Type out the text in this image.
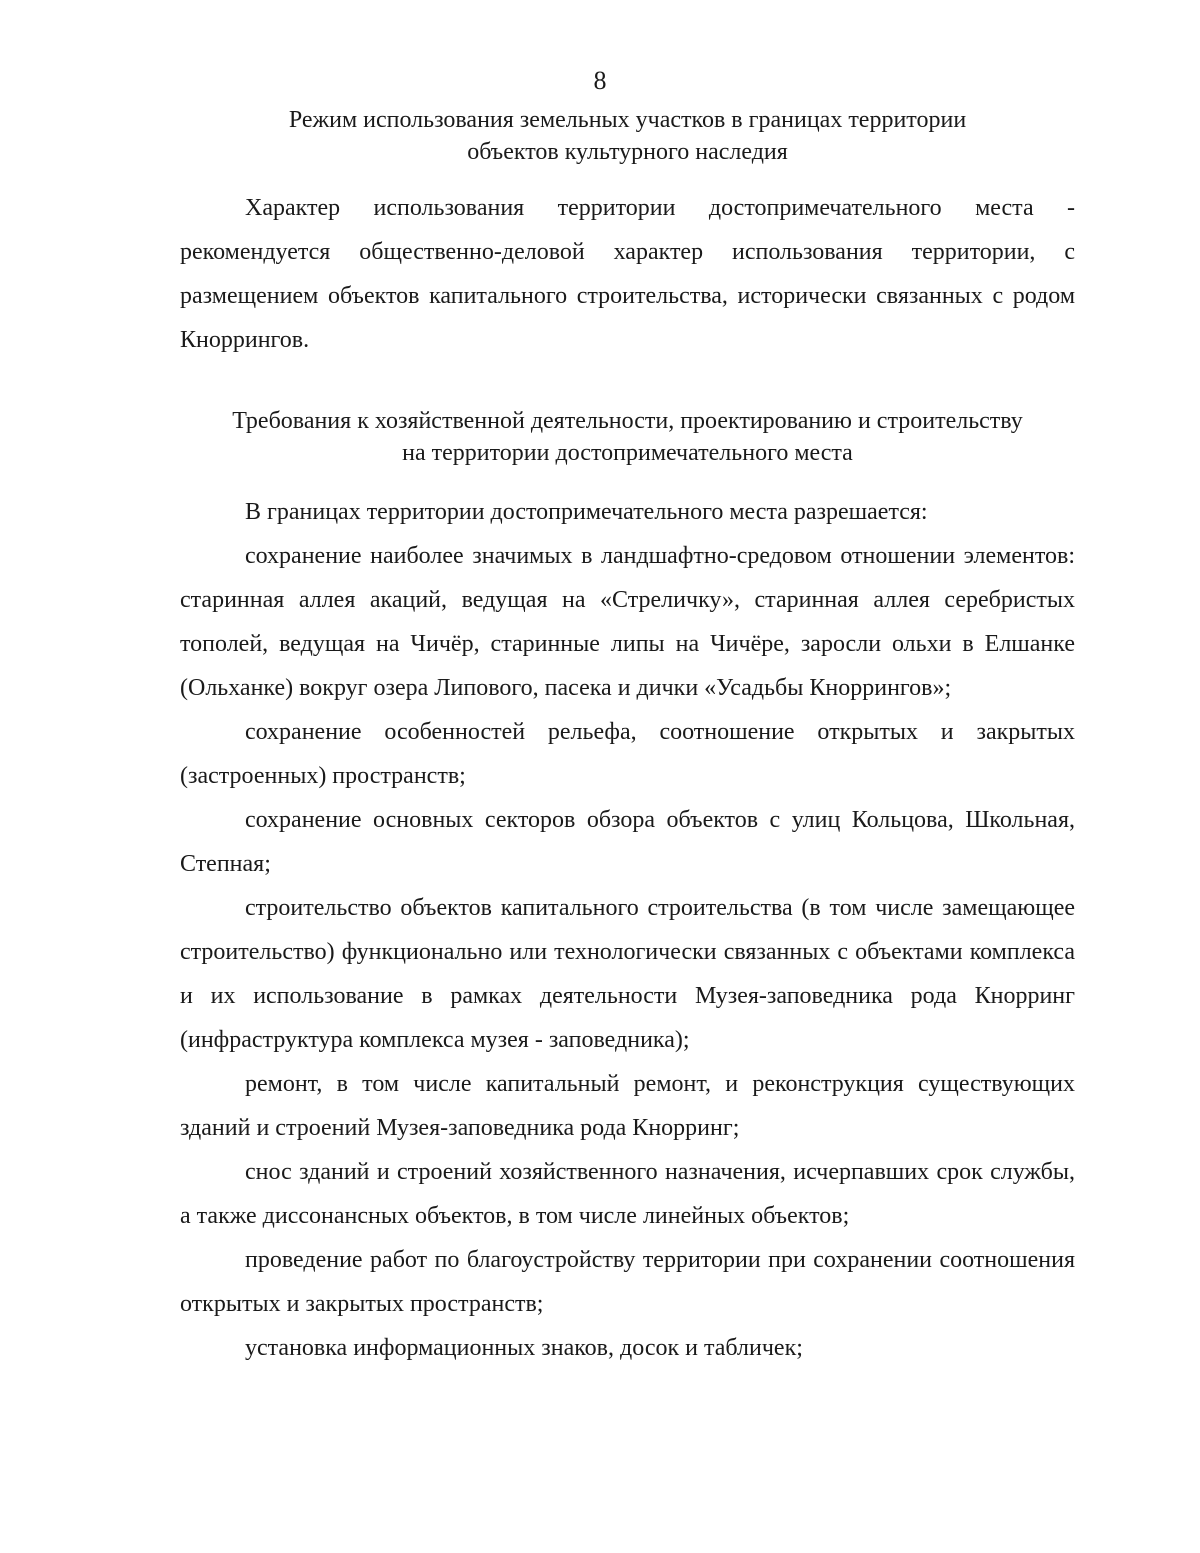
8
Режим использования земельных участков в границах территории
объектов культурного наследия

Характер использования территории достопримечательного места - рекомендуется общественно-деловой характер использования территории, с размещением объектов капитального строительства, исторически связанных с родом Кноррингов.

Требования к хозяйственной деятельности, проектированию и строительству
на территории достопримечательного места

В границах территории достопримечательного места разрешается:

сохранение наиболее значимых в ландшафтно-средовом отношении элементов: старинная аллея акаций, ведущая на «Стреличку», старинная аллея серебристых тополей, ведущая на Чичёр, старинные липы на Чичёре, заросли ольхи в Елшанке (Ольханке) вокруг озера Липового, пасека и дички «Усадьбы Кноррингов»;

сохранение особенностей рельефа, соотношение открытых и закрытых (застроенных) пространств;

сохранение основных секторов обзора объектов с улиц Кольцова, Школьная, Степная;

строительство объектов капитального строительства (в том числе замещающее строительство) функционально или технологически связанных с объектами комплекса и их использование в рамках деятельности Музея-заповедника рода Кнорринг (инфраструктура комплекса музея - заповедника);

ремонт, в том числе капитальный ремонт, и реконструкция существующих зданий и строений Музея-заповедника рода Кнорринг;

снос зданий и строений хозяйственного назначения, исчерпавших срок службы, а также диссонансных объектов, в том числе линейных объектов;

проведение работ по благоустройству территории при сохранении соотношения открытых и закрытых пространств;

установка информационных знаков, досок и табличек;
